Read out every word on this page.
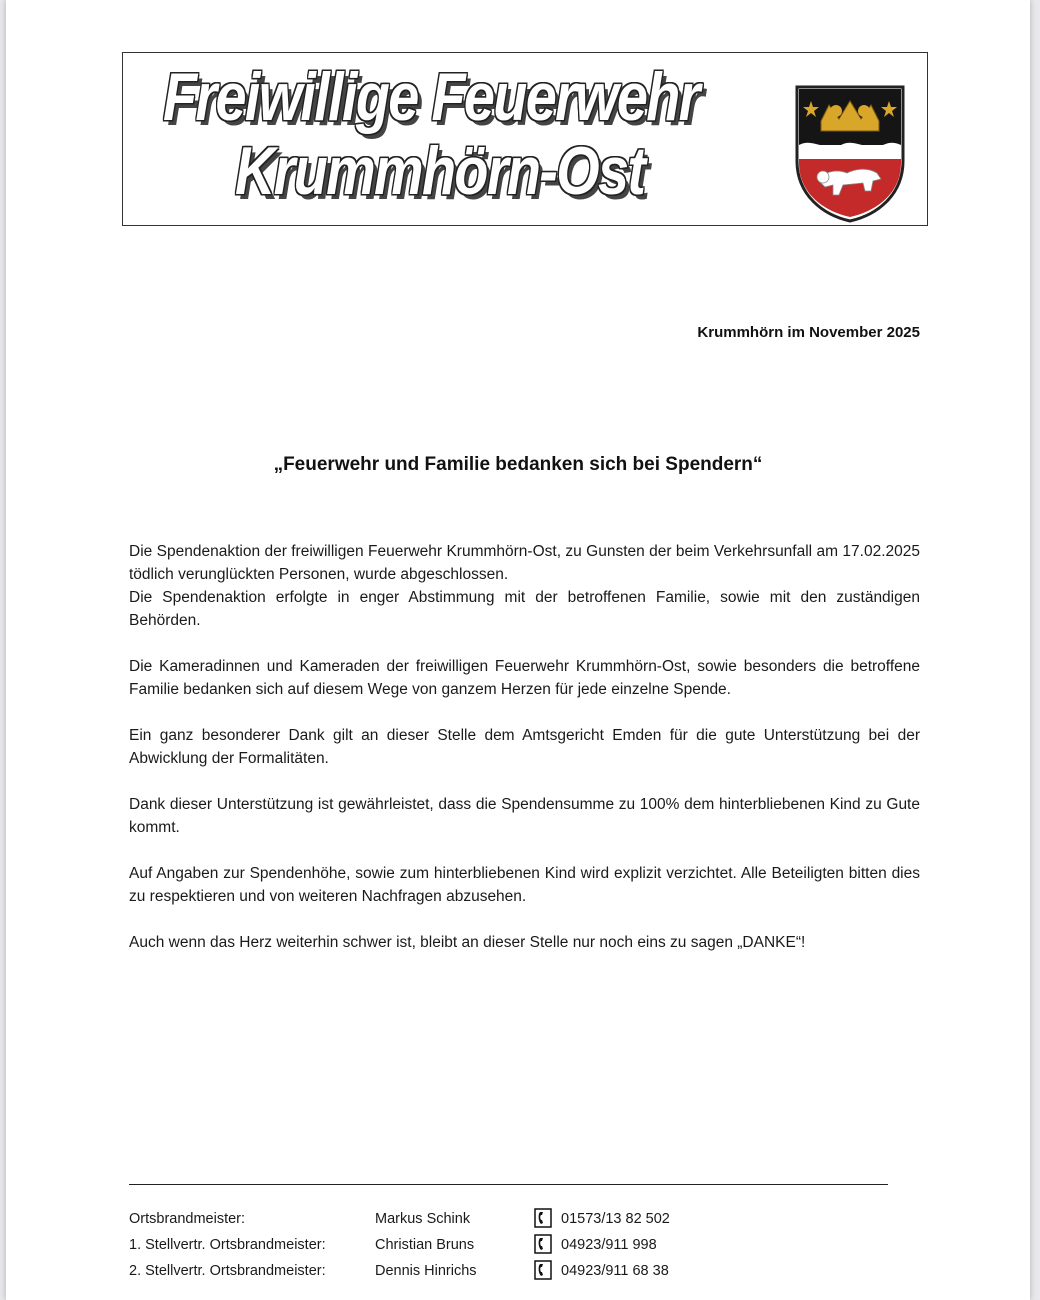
Freiwillige Feuerwehr
Krummhörn-Ost
Krummhörn im November 2025
„Feuerwehr und Familie bedanken sich bei Spendern“

Die Spendenaktion der freiwilligen Feuerwehr Krummhörn-Ost, zu Gunsten der beim Verkehrsunfall am 17.02.2025 tödlich verunglückten Personen, wurde abgeschlossen.

Die Spendenaktion erfolgte in enger Abstimmung mit der betroffenen Familie, sowie mit den zuständigen Behörden.

Die Kameradinnen und Kameraden der freiwilligen Feuerwehr Krummhörn-Ost, sowie besonders die betroffene Familie bedanken sich auf diesem Wege von ganzem Herzen für jede einzelne Spende.

Ein ganz besonderer Dank gilt an dieser Stelle dem Amtsgericht Emden für die gute Unterstützung bei der Abwicklung der Formalitäten.

Dank dieser Unterstützung ist gewährleistet, dass die Spendensumme zu 100% dem hinterbliebenen Kind zu Gute kommt.

Auf Angaben zur Spendenhöhe, sowie zum hinterbliebenen Kind wird explizit verzichtet. Alle Beteiligten bitten dies zu respektieren und von weiteren Nachfragen abzusehen.

Auch wenn das Herz weiterhin schwer ist, bleibt an dieser Stelle nur noch eins zu sagen „DANKE“!

Ortsbrandmeister:	Markus Schink	01573/13 82 502
1. Stellvertr. Ortsbrandmeister:	Christian Bruns	04923/911 998
2. Stellvertr. Ortsbrandmeister:	Dennis Hinrichs	04923/911 68 38
